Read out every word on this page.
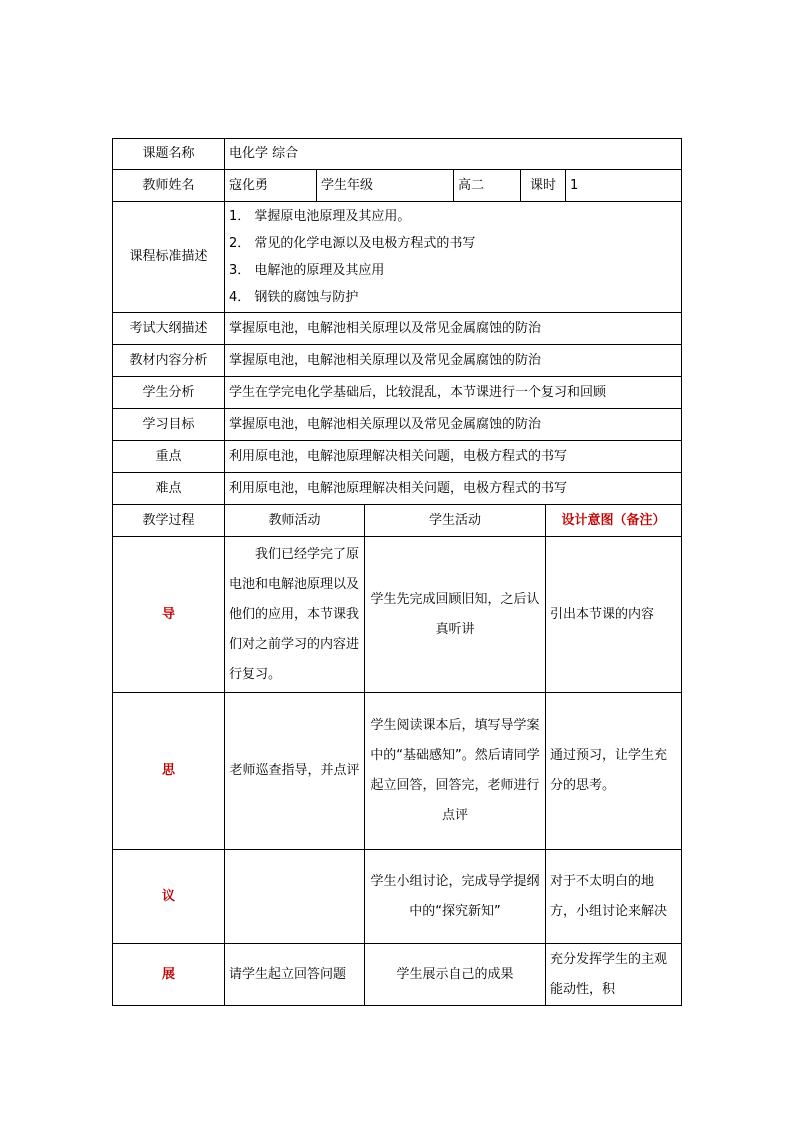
课题名称	电化学 综合						
教师姓名	寇化勇	学生年级		高二	课时		1
课程标准描述	1． 掌握原电池原理及其应用。
2． 常见的化学电源以及电极方程式的书写
3． 电解池的原理及其应用
4． 钢铁的腐蚀与防护						

考试大纲描述	掌握原电池，电解池相关原理以及常见金属腐蚀的防治						
教材内容分析	掌握原电池，电解池相关原理以及常见金属腐蚀的防治						
学生分析	学生在学完电化学基础后，比较混乱，本节课进行一个复习和回顾						
学习目标	掌握原电池，电解池相关原理以及常见金属腐蚀的防治						
重点	利用原电池，电解池原理解决相关问题，电极方程式的书写						
难点	利用原电池，电解池原理解决相关问题，电极方程式的书写						
教学过程	教师活动		学生活动			设计意图（备注）	
导	我们已经学完了原电池和电解池原理以及他们的应用，本节课我们对之前学习的内容进行复习。		学生先完成回顾旧知，之后认真听讲			引出本节课的内容	
思	老师巡查指导，并点评		学生阅读课本后，填写导学案中的“基础感知”。然后请同学起立回答，回答完，老师进行点评			通过预习，让学生充分的思考。	
议			学生小组讨论，完成导学提纲中的“探究新知”			对于不太明白的地方，小组讨论来解决	
展	请学生起立回答问题		学生展示自己的成果			充分发挥学生的主观能动性，积	
